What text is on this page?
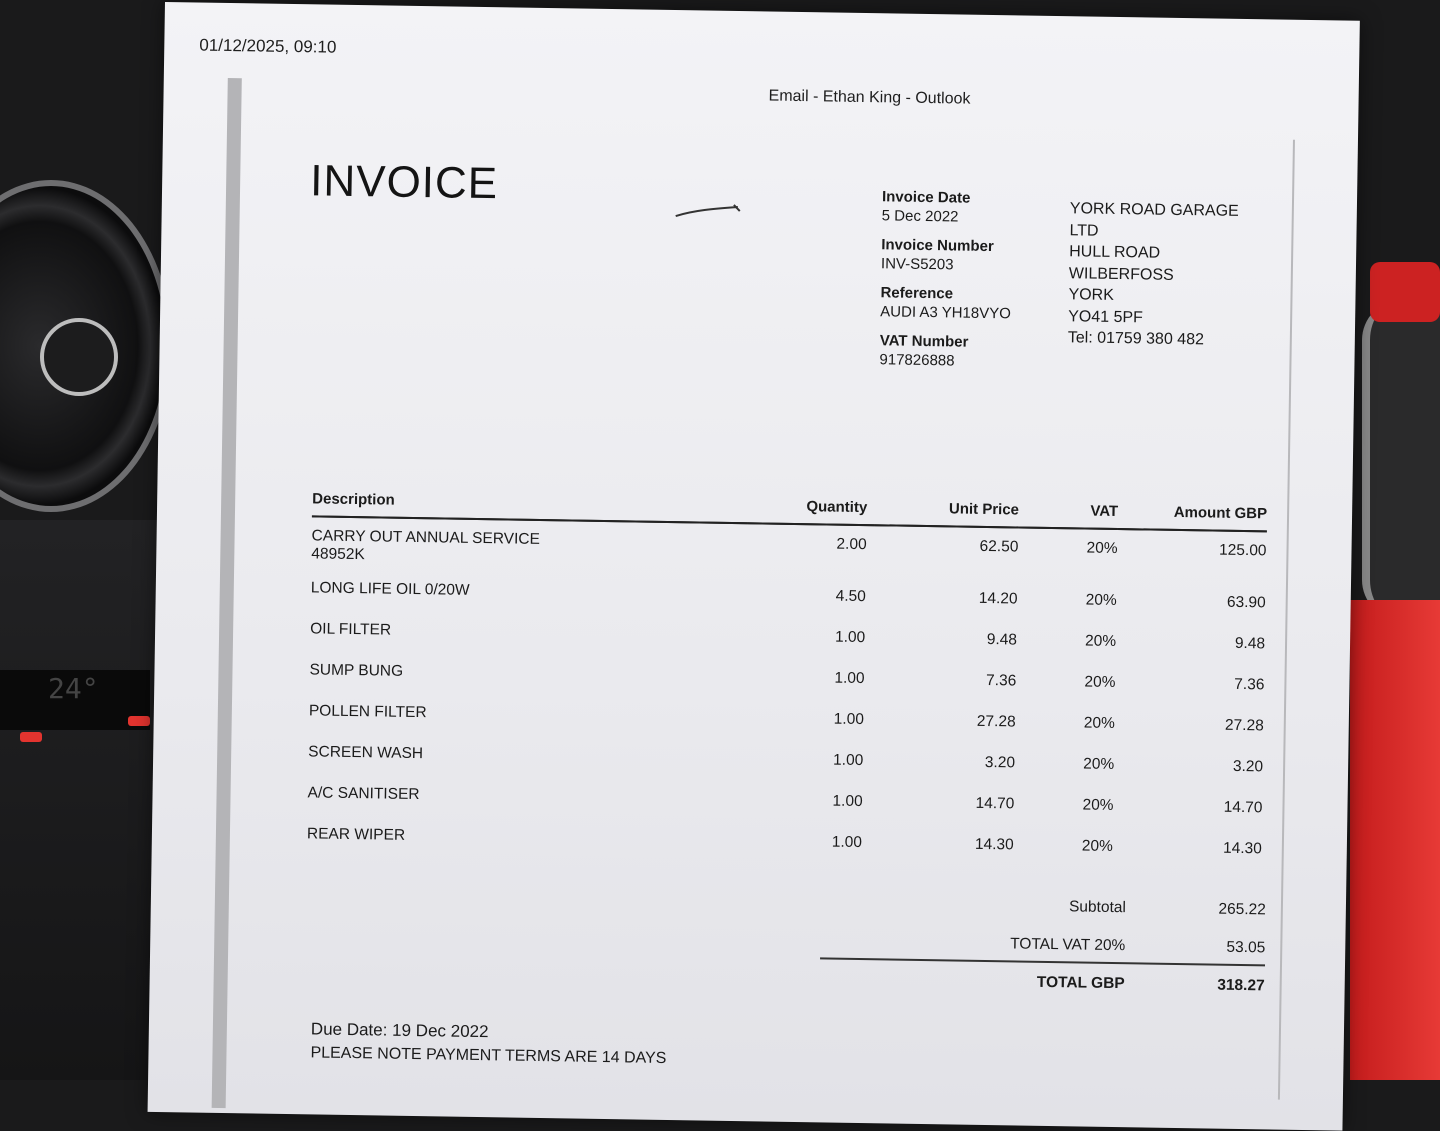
24°
01/12/2025, 09:10
Email - Ethan King - Outlook
INVOICE	Invoice Date
5 Dec 2022
Invoice Number
INV-S5203
Reference
AUDI A3 YH18VYO
VAT Number
917826888
YORK ROAD GARAGE
LTD
HULL ROAD
WILBERFOSS
YORK
YO41 5PF
Tel: 01759 380 482
Description	Quantity	Unit Price	VAT	Amount GBP
CARRY OUT ANNUAL SERVICE
48952K	2.00	62.50	20%	125.00
LONG LIFE OIL 0/20W	4.50	14.20	20%	63.90
OIL FILTER	1.00	9.48	20%	9.48
SUMP BUNG	1.00	7.36	20%	7.36
POLLEN FILTER	1.00	27.28	20%	27.28
SCREEN WASH	1.00	3.20	20%	3.20
A/C SANITISER	1.00	14.70	20%	14.70
REAR WIPER	1.00	14.30	20%	14.30
Subtotal	265.22
TOTAL VAT 20%	53.05
TOTAL GBP	318.27
Due Date: 19 Dec 2022
PLEASE NOTE PAYMENT TERMS ARE 14 DAYS
